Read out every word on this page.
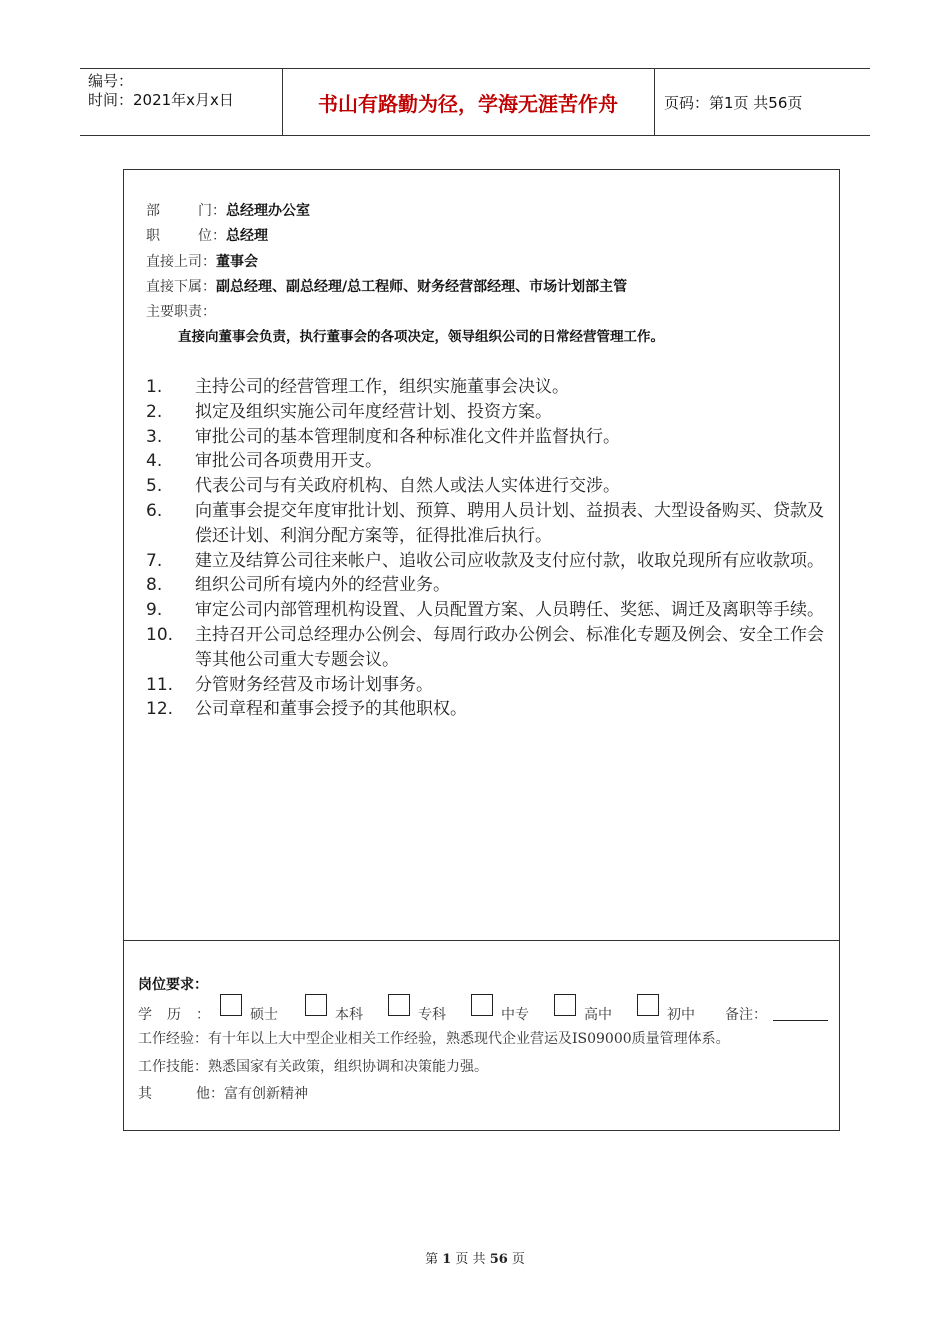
编号：
时间：2021年x月x日	书山有路勤为径，学海无涯苦作舟	页码：第1页 共56页
部门：总经理办公室
职位：总经理
直接上司：董事会
直接下属：副总经理、副总经理/总工程师、财务经营部经理、市场计划部主管
主要职责：
直接向董事会负责，执行董事会的各项决定，领导组织公司的日常经营管理工作。
1.	主持公司的经营管理工作，组织实施董事会决议。
2.	拟定及组织实施公司年度经营计划、投资方案。
3.	审批公司的基本管理制度和各种标准化文件并监督执行。
4.	审批公司各项费用开支。
5.	代表公司与有关政府机构、自然人或法人实体进行交涉。
6.	向董事会提交年度审批计划、预算、聘用人员计划、益损表、大型设备购买、贷款及偿还计划、利润分配方案等，征得批准后执行。
7.	建立及结算公司往来帐户、追收公司应收款及支付应付款，收取兑现所有应收款项。
8.	组织公司所有境内外的经营业务。
9.	审定公司内部管理机构设置、人员配置方案、人员聘任、奖惩、调迁及离职等手续。
10.	主持召开公司总经理办公例会、每周行政办公例会、标准化专题及例会、安全工作会等其他公司重大专题会议。
11.	分管财务经营及市场计划事务。
12.	公司章程和董事会授予的其他职权。
岗位要求：
学历：	硕士	本科	专科	中专	高中	初中 备注：
工作经验：有十年以上大中型企业相关工作经验，熟悉现代企业营运及IS09000质量管理体系。
工作技能：熟悉国家有关政策，组织协调和决策能力强。
其他：富有创新精神
第 1 页 共 56 页
